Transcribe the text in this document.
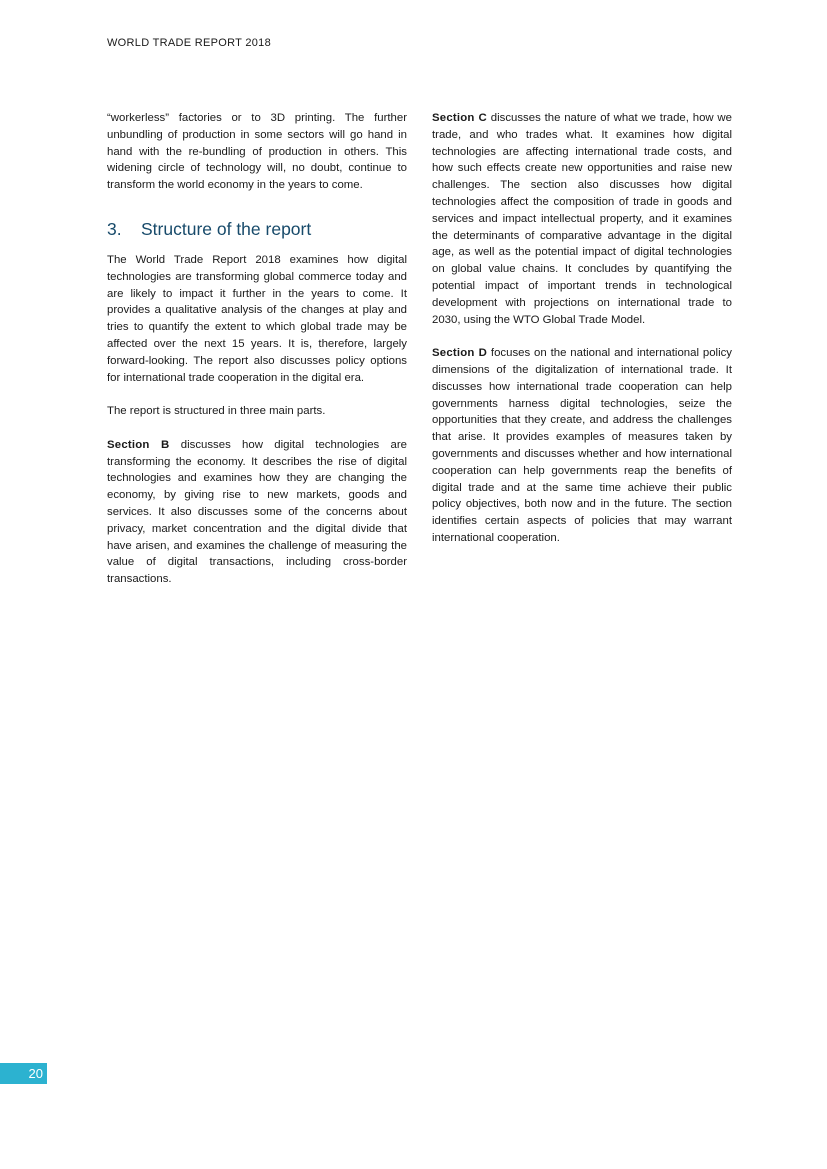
WORLD TRADE REPORT 2018

“workerless” factories or to 3D printing. The further unbundling of production in some sectors will go hand in hand with the re-bundling of production in others. This widening circle of technology will, no doubt, continue to transform the world economy in the years to come.

3. Structure of the report

The World Trade Report 2018 examines how digital technologies are transforming global commerce today and are likely to impact it further in the years to come. It provides a qualitative analysis of the changes at play and tries to quantify the extent to which global trade may be affected over the next 15 years. It is, therefore, largely forward-looking. The report also discusses policy options for international trade cooperation in the digital era.

The report is structured in three main parts.

Section B discusses how digital technologies are transforming the economy. It describes the rise of digital technologies and examines how they are changing the economy, by giving rise to new markets, goods and services. It also discusses some of the concerns about privacy, market concentration and the digital divide that have arisen, and examines the challenge of measuring the value of digital transactions, including cross-border transactions.

Section C discusses the nature of what we trade, how we trade, and who trades what. It examines how digital technologies are affecting international trade costs, and how such effects create new opportunities and raise new challenges. The section also discusses how digital technologies affect the composition of trade in goods and services and impact intellectual property, and it examines the determinants of comparative advantage in the digital age, as well as the potential impact of digital technologies on global value chains. It concludes by quantifying the potential impact of important trends in technological development with projections on international trade to 2030, using the WTO Global Trade Model.

Section D focuses on the national and international policy dimensions of the digitalization of international trade. It discusses how international trade cooperation can help governments harness digital technologies, seize the opportunities that they create, and address the challenges that arise. It provides examples of measures taken by governments and discusses whether and how international cooperation can help governments reap the benefits of digital trade and at the same time achieve their public policy objectives, both now and in the future. The section identifies certain aspects of policies that may warrant international cooperation.

20
